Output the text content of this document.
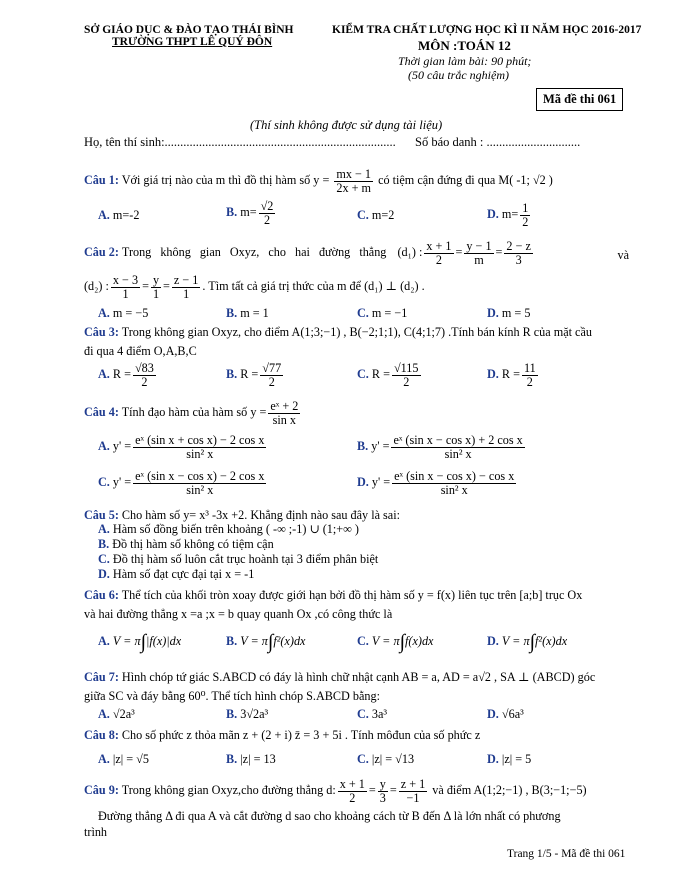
SỞ GIÁO DỤC & ĐÀO TẠO THÁI BÌNH
TRƯỜNG THPT LÊ QUÝ ĐÔN
KIỂM TRA CHẤT LƯỢNG HỌC KÌ II NĂM HỌC 2016-2017
MÔN :TOÁN 12
Thời gian làm bài: 90 phút;
(50 câu trắc nghiệm)
Mã đề thi 061
(Thí sinh không được sử dụng tài liệu)
Họ, tên thí sinh:.......................................................................... Số báo danh : ..............................
Câu 1: Với giá trị nào của m thì đồ thị hàm số $y = \frac{mx - 1}{2x + m}$ có tiệm cận đứng đi qua M( -1; √2 )
A. m=-2	B. $m= \frac{√2}{2}$	C. m=2	D. $m= \frac{1}{2}$
Câu 2: Trong không gian Oxyz, cho hai đường thẳng (d₁) : $\frac{x + 1}{2} = \frac{y - 1}{m} = \frac{2 - z}{3}$	và
(d₂) : $\frac{x - 3}{1} = \frac{y}{1} = \frac{z - 1}{1}$ . Tìm tất cả giá trị thức của m để (d₁) ⊥ (d₂) .
A. m = −5	B. m = 1	C. m = −1	D. m = 5
Câu 3: Trong không gian Oxyz, cho điểm A(1;3;−1) , B(−2;1;1), C(4;1;7) .Tính bán kính R của mặt cầu
đi qua 4 điểm O,A,B,C
A. $R = \frac{√83}{2}$	B. $R = \frac{√77}{2}$	C. $R = \frac{√115}{2}$	D. $R = \frac{11}{2}$
Câu 4: Tính đạo hàm của hàm số $y = \frac{\text{eˣ + 2}}{\text{sin x}}$
A. $y' = \frac{\text{eˣ (sin x + cos x) − 2 cos x}}{\text{sin² x}}$	B. $y' = \frac{\text{eˣ (sin x − cos x) + 2 cos x}}{\text{sin² x}}$
C. $y' = \frac{\text{eˣ (sin x − cos x) − 2 cos x}}{\text{sin² x}}$	D. $y' = \frac{\text{eˣ (sin x − cos x) − cos x}}{\text{sin² x}}$
Câu 5: Cho hàm số y= x³ -3x +2. Khẳng định nào sau đây là sai:
A. Hàm số đồng biến trên khoảng ( -∞ ;-1) ∪ (1;+∞ )
B. Đồ thị hàm số không có tiệm cận
C. Đồ thị hàm số luôn cắt trục hoành tại 3 điểm phân biệt
D. Hàm số đạt cực đại tại x = -1
Câu 6: Thể tích của khối tròn xoay được giới hạn bởi đồ thị hàm số y = f(x) liên tục trên [a;b] trục Ox
và hai đường thẳng x =a ;x = b quay quanh Ox ,có công thức là
A. V = π∫|f(x)|dx	B. V = π∫f²(x)dx	C. V = π∫f(x)dx	D. V = π∫f²(x)dx
Câu 7: Hình chóp tứ giác S.ABCD có đáy là hình chữ nhật cạnh AB = a, AD = a√2 , SA ⊥ (ABCD) góc
giữa SC và đáy bằng 60⁰. Thể tích hình chóp S.ABCD bằng:
A. √2a³	B. 3√2a³	C. 3a³	D. √6a³
Câu 8: Cho số phức z thỏa mãn z + (2 + i) z̄ = 3 + 5i . Tính môđun của số phức z
A. |z| = √5	B. |z| = 13	C. |z| = √13	D. |z| = 5
Câu 9: Trong không gian Oxyz,cho đường thẳng d: $\frac{x + 1}{2} = \frac{y}{3} = \frac{z + 1}{-1}$ và điểm A(1;2;−1) , B(3;−1;−5)
Đường thẳng Δ đi qua A và cắt đường d sao cho khoảng cách từ B đến Δ là lớn nhất có phương
trình
Trang 1/5 - Mã đề thi 061
